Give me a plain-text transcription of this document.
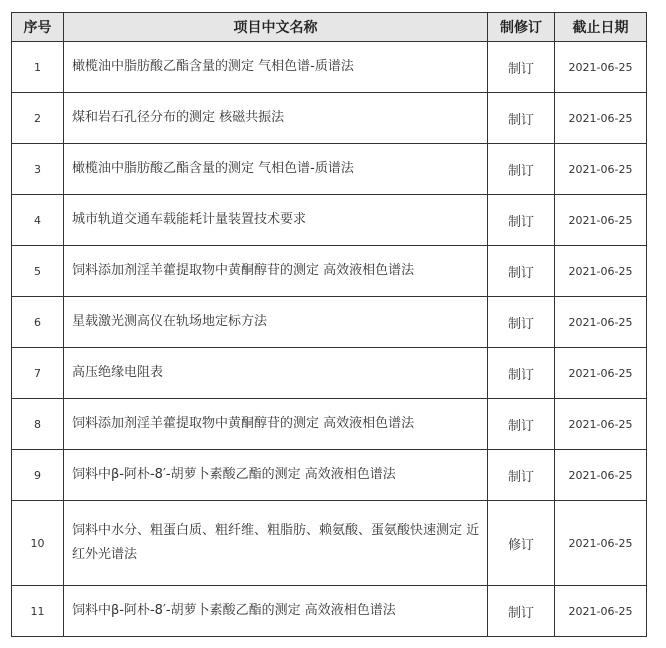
序号	项目中文名称	制修订	截止日期
1	橄榄油中脂肪酸乙酯含量的测定 气相色谱-质谱法	制订	2021-06-25
2	煤和岩石孔径分布的测定 核磁共振法	制订	2021-06-25
3	橄榄油中脂肪酸乙酯含量的测定 气相色谱-质谱法	制订	2021-06-25
4	城市轨道交通车载能耗计量装置技术要求	制订	2021-06-25
5	饲料添加剂淫羊藿提取物中黄酮醇苷的测定 高效液相色谱法	制订	2021-06-25
6	星载激光测高仪在轨场地定标方法	制订	2021-06-25
7	高压绝缘电阻表	制订	2021-06-25
8	饲料添加剂淫羊藿提取物中黄酮醇苷的测定 高效液相色谱法	制订	2021-06-25
9	饲料中β-阿朴-8′-胡萝卜素酸乙酯的测定 高效液相色谱法	制订	2021-06-25
10	饲料中水分、粗蛋白质、粗纤维、粗脂肪、赖氨酸、蛋氨酸快速测定 近红外光谱法	修订	2021-06-25
11	饲料中β-阿朴-8′-胡萝卜素酸乙酯的测定 高效液相色谱法	制订	2021-06-25
